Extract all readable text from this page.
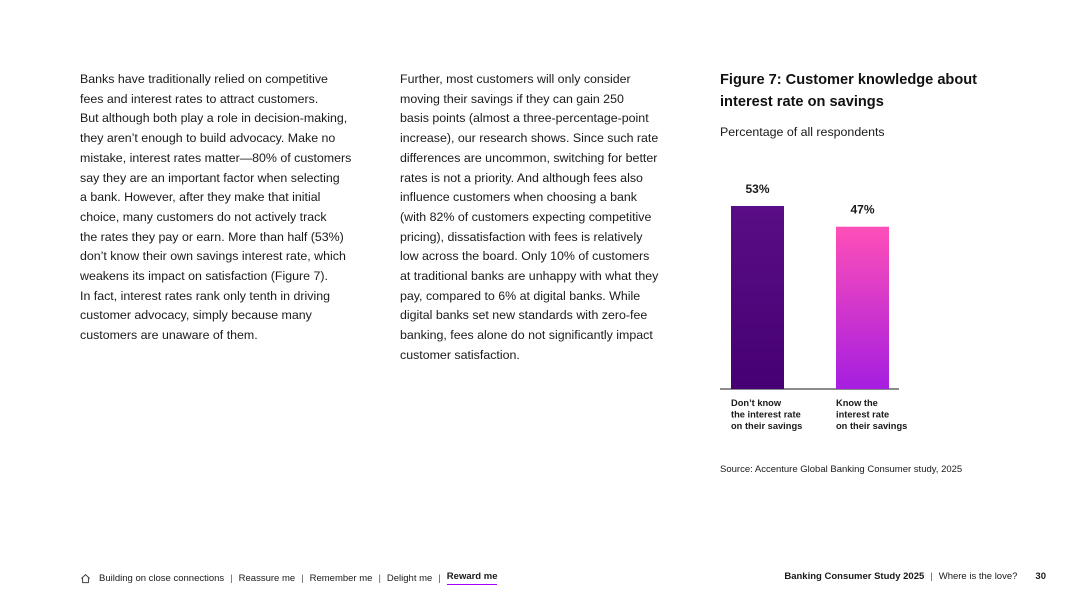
Banks have traditionally relied on competitive

fees and interest rates to attract customers.

But although both play a role in decision-making,

they aren’t enough to build advocacy. Make no

mistake, interest rates matter—80% of customers

say they are an important factor when selecting

a bank. However, after they make that initial

choice, many customers do not actively track

the rates they pay or earn. More than half (53%)

don’t know their own savings interest rate, which

weakens its impact on satisfaction (Figure 7).

In fact, interest rates rank only tenth in driving

customer advocacy, simply because many

customers are unaware of them.

Further, most customers will only consider

moving their savings if they can gain 250

basis points (almost a three-percentage-point

increase), our research shows. Since such rate

differences are uncommon, switching for better

rates is not a priority. And although fees also

influence customers when choosing a bank

(with 82% of customers expecting competitive

pricing), dissatisfaction with fees is relatively

low across the board. Only 10% of customers

at traditional banks are unhappy with what they

pay, compared to 6% at digital banks. While

digital banks set new standards with zero-fee

banking, fees alone do not significantly impact

customer satisfaction.

Figure 7: Customer knowledge about
interest rate on savings
Percentage of all respondents
53%
Don’t know the interest rate on their savings
47%
Know the interest rate on their savings
Source: Accenture Global Banking Consumer study, 2025
Building on close connections | Reassure me | Remember me | Delight me | Reward me	Banking Consumer Study 2025 | Where is the love? 30
